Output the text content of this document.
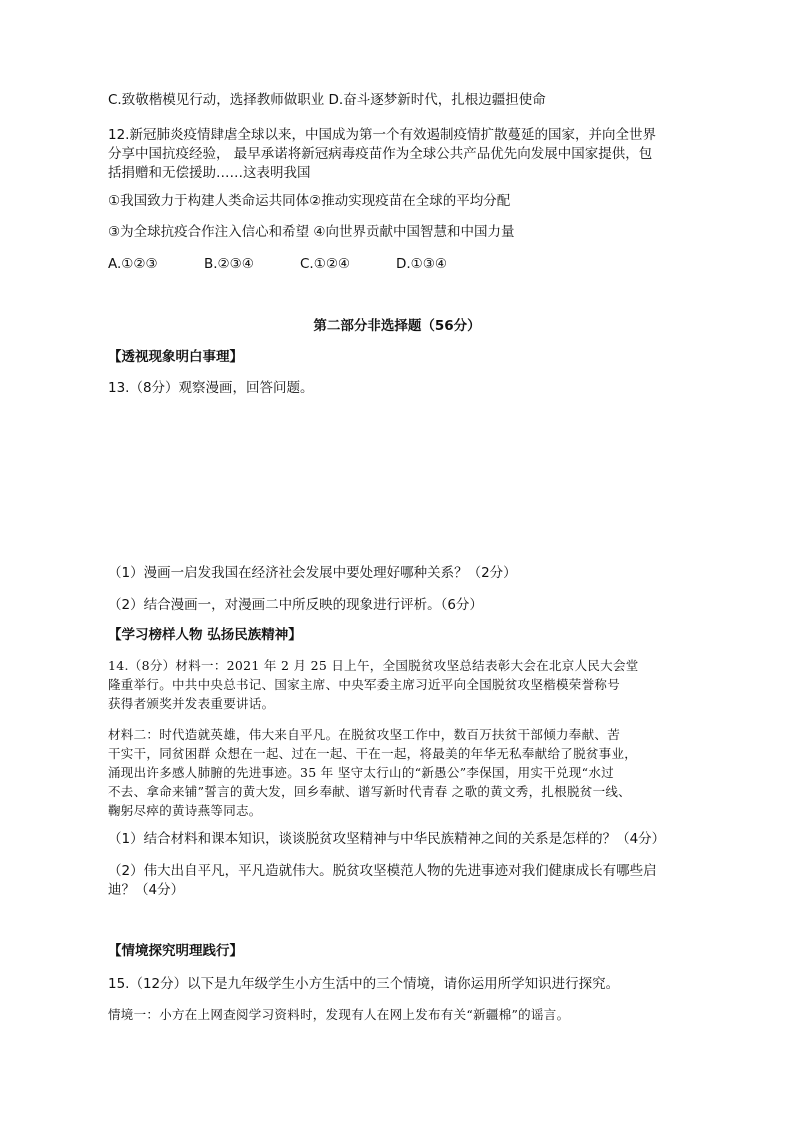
C.致敬楷模见行动，选择教师做职业 D.奋斗逐梦新时代，扎根边疆担使命
12.新冠肺炎疫情肆虐全球以来，中国成为第一个有效遏制疫情扩散蔓延的国家，并向全世界
分享中国抗疫经验， 最早承诺将新冠病毒疫苗作为全球公共产品优先向发展中国家提供，包
括捐赠和无偿援助……这表明我国
①我国致力于构建人类命运共同体②推动实现疫苗在全球的平均分配
③为全球抗疫合作注入信心和希望 ④向世界贡献中国智慧和中国力量
A.①②③	B.②③④	C.①②④	D.①③④
第二部分非选择题（56分）
【透视现象明白事理】
13.（8分）观察漫画，回答问题。
（1）漫画一启发我国在经济社会发展中要处理好哪种关系？（2分）
（2）结合漫画一，对漫画二中所反映的现象进行评析。（6分）
【学习榜样人物 弘扬民族精神】
14.（8分）材料一：2021 年 2 月 25 日上午，全国脱贫攻坚总结表彰大会在北京人民大会堂
隆重举行。中共中央总书记、国家主席、中央军委主席习近平向全国脱贫攻坚楷模荣誉称号
获得者颁奖并发表重要讲话。
材料二：时代造就英雄，伟大来自平凡。在脱贫攻坚工作中，数百万扶贫干部倾力奉献、苦
干实干，同贫困群 众想在一起、过在一起、干在一起，将最美的年华无私奉献给了脱贫事业，
涌现出许多感人肺腑的先进事迹。35 年 坚守太行山的“新愚公”李保国，用实干兑现“水过
不去、拿命来铺”誓言的黄大发，回乡奉献、谱写新时代青春 之歌的黄文秀，扎根脱贫一线、
鞠躬尽瘁的黄诗燕等同志。
（1）结合材料和课本知识，谈谈脱贫攻坚精神与中华民族精神之间的关系是怎样的？（4分）
（2）伟大出自平凡，平凡造就伟大。脱贫攻坚模范人物的先进事迹对我们健康成长有哪些启
迪？（4分）
【情境探究明理践行】
15.（12分）以下是九年级学生小方生活中的三个情境，请你运用所学知识进行探究。
情境一：小方在上网查阅学习资料时，发现有人在网上发布有关“新疆棉”的谣言。
